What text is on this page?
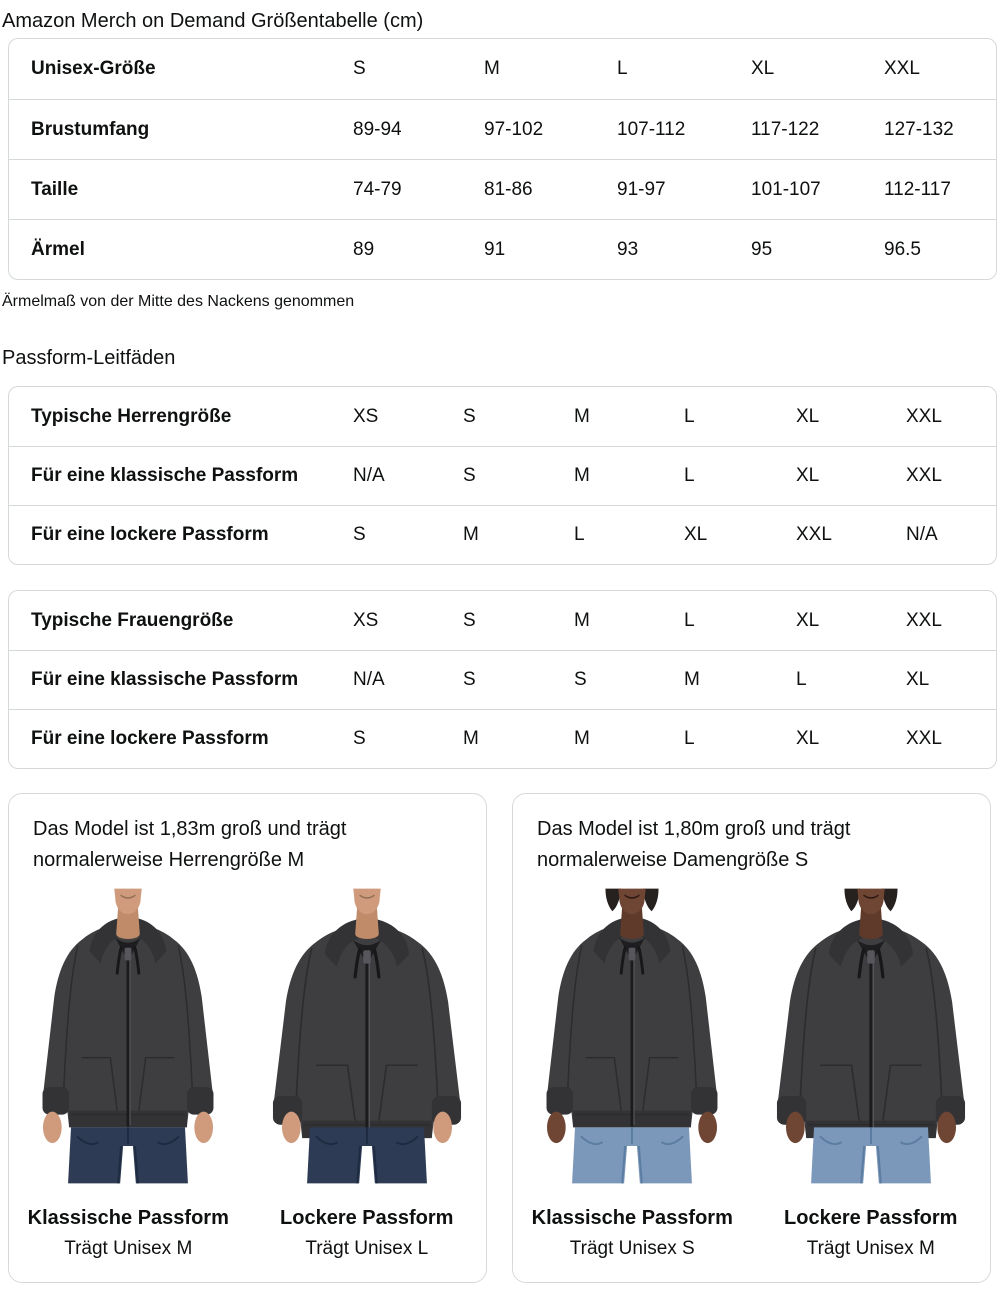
Amazon Merch on Demand Größentabelle (cm)
Unisex-Größe	S	M	L	XL	XXL
Brustumfang	89-94	97-102	107-112	117-122	127-132
Taille	74-79	81-86	91-97	101-107	112-117
Ärmel	89	91	93	95	96.5
Ärmelmaß von der Mitte des Nackens genommen
Passform-Leitfäden
Typische Herrengröße	XS	S	M	L	XL	XXL
Für eine klassische Passform	N/A	S	M	L	XL	XXL
Für eine lockere Passform	S	M	L	XL	XXL	N/A
Typische Frauengröße	XS	S	M	L	XL	XXL
Für eine klassische Passform	N/A	S	S	M	L	XL
Für eine lockere Passform	S	M	M	L	XL	XXL
Das Model ist 1,83m groß und trägt normalerweise Herrengröße M
Klassische Passform
Trägt Unisex M
Lockere Passform
Trägt Unisex L
Das Model ist 1,80m groß und trägt normalerweise Damengröße S
Klassische Passform
Trägt Unisex S
Lockere Passform
Trägt Unisex M
